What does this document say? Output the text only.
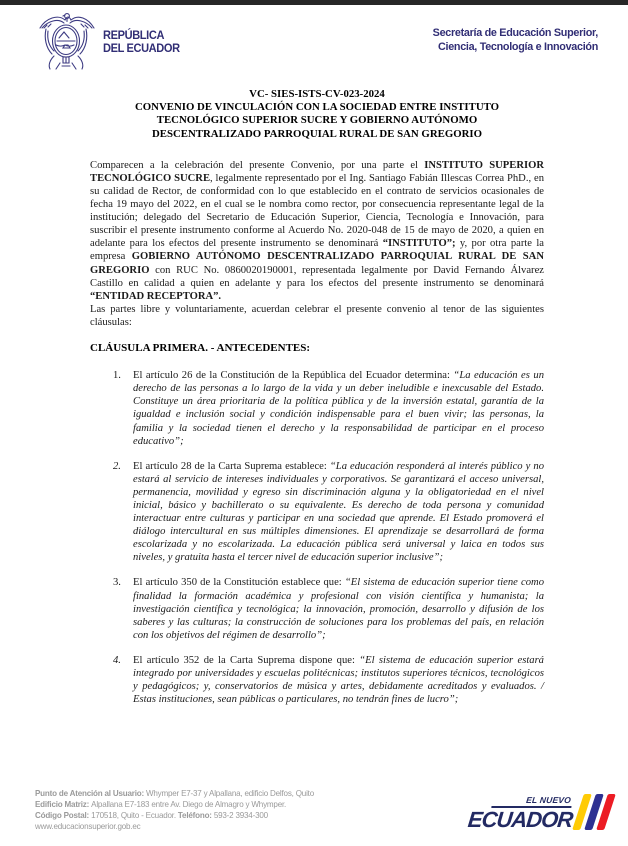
REPÚBLICA
DEL ECUADOR
Secretaría de Educación Superior,
Ciencia, Tecnología e Innovación
VC- SIES-ISTS-CV-023-2024
CONVENIO DE VINCULACIÓN CON LA SOCIEDAD ENTRE INSTITUTO
TECNOLÓGICO SUPERIOR SUCRE Y GOBIERNO AUTÓNOMO
DESCENTRALIZADO PARROQUIAL RURAL DE SAN GREGORIO

Comparecen a la celebración del presente Convenio, por una parte el INSTITUTO SUPERIOR TECNOLÓGICO SUCRE, legalmente representado por el Ing. Santiago Fabián Illescas Correa PhD., en su calidad de Rector, de conformidad con lo que establecido en el contrato de servicios ocasionales de fecha 19 mayo del 2022, en el cual se le nombra como rector, por consecuencia representante legal de la institución; delegado del Secretario de Educación Superior, Ciencia, Tecnología e Innovación, para suscribir el presente instrumento conforme al Acuerdo No. 2020-048 de 15 de mayo de 2020, a quien en adelante para los efectos del presente instrumento se denominará “INSTITUTO”; y, por otra parte la empresa GOBIERNO AUTÓNOMO DESCENTRALIZADO PARROQUIAL RURAL DE SAN GREGORIO con RUC No. 0860020190001, representada legalmente por David Fernando Álvarez Castillo en calidad a quien en adelante y para los efectos del presente instrumento se denominará “ENTIDAD RECEPTORA”.

Las partes libre y voluntariamente, acuerdan celebrar el presente convenio al tenor de las siguientes cláusulas:

CLÁUSULA PRIMERA. - ANTECEDENTES:
1. El artículo 26 de la Constitución de la República del Ecuador determina: “La educación es un derecho de las personas a lo largo de la vida y un deber ineludible e inexcusable del Estado. Constituye un área prioritaria de la política pública y de la inversión estatal, garantía de la igualdad e inclusión social y condición indispensable para el buen vivir; las personas, la familia y la sociedad tienen el derecho y la responsabilidad de participar en el proceso educativo”;
2. El artículo 28 de la Carta Suprema establece: “La educación responderá al interés público y no estará al servicio de intereses individuales y corporativos. Se garantizará el acceso universal, permanencia, movilidad y egreso sin discriminación alguna y la obligatoriedad en el nivel inicial, básico y bachillerato o su equivalente. Es derecho de toda persona y comunidad interactuar entre culturas y participar en una sociedad que aprende. El Estado promoverá el diálogo intercultural en sus múltiples dimensiones. El aprendizaje se desarrollará de forma escolarizada y no escolarizada. La educación pública será universal y laica en todos sus niveles, y gratuita hasta el tercer nivel de educación superior inclusive”;
3. El artículo 350 de la Constitución establece que: “El sistema de educación superior tiene como finalidad la formación académica y profesional con visión científica y humanista; la investigación científica y tecnológica; la innovación, promoción, desarrollo y difusión de los saberes y las culturas; la construcción de soluciones para los problemas del país, en relación con los objetivos del régimen de desarrollo”;
4. El artículo 352 de la Carta Suprema dispone que: “El sistema de educación superior estará integrado por universidades y escuelas politécnicas; institutos superiores técnicos, tecnológicos y pedagógicos; y, conservatorios de música y artes, debidamente acreditados y evaluados. / Estas instituciones, sean públicas o particulares, no tendrán fines de lucro”;
Punto de Atención al Usuario: Whymper E7-37 y Alpallana, edificio Delfos, Quito
Edificio Matriz: Alpallana E7-183 entre Av. Diego de Almagro y Whymper.
Código Postal: 170518, Quito - Ecuador. Teléfono: 593-2 3934-300
www.educacionsuperior.gob.ec
EL NUEVO
ECUADOR
